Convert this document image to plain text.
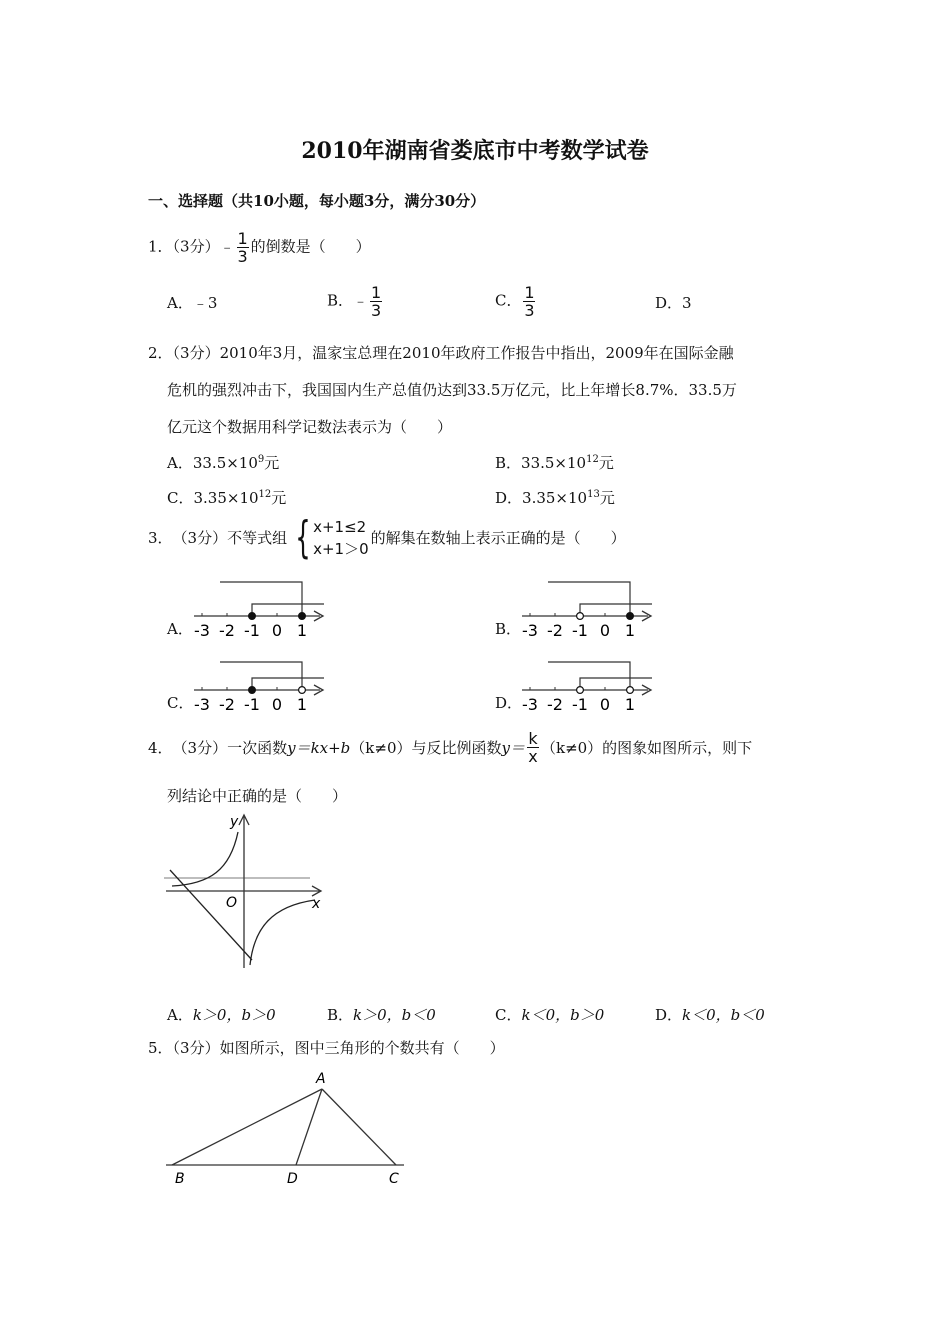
2010年湖南省娄底市中考数学试卷
一、选择题（共10小题，每小题3分，满分30分）
1．（3分）﹣ $\frac{1}{3}$ 的倒数是（　　）
A．﹣3	B．﹣ $\frac{1}{3}$	C． $\frac{1}{3}$	D．3
2．（3分）2010年3月，温家宝总理在2010年政府工作报告中指出，2009年在国际金融
危机的强烈冲击下，我国国内生产总值仍达到33.5万亿元，比上年增长8.7%．33.5万
亿元这个数据用科学记数法表示为（　　）
A．$33.5\times 10^9$元	B．$33.5\times 10^{12}$元
C．$3.35\times 10^{12}$元	D．$3.35\times 10^{13}$元
3． （3分）不等式组 { x+1≤2
x+1＞0
的解集在数轴上表示正确的是（　　）
A． -3 -2 -1 0 1	B． -3 -2 -1 0 1
C． -3 -2 -1 0 1	D． -3 -2 -1 0 1
4． （3分）一次函数 y＝kx+b （k≠0）与反比例函数 $y= \frac{k}{x} (k\ne 0)$的图象如图所示，则下
列结论中正确的是（　　）
y
x
O
A．k＞0，b＞0	B．k＞0，b＜0	C．k＜0，b＞0	D．k＜0，b＜0
5．（3分）如图所示，图中三角形的个数共有（　　）
A
B	D	C
